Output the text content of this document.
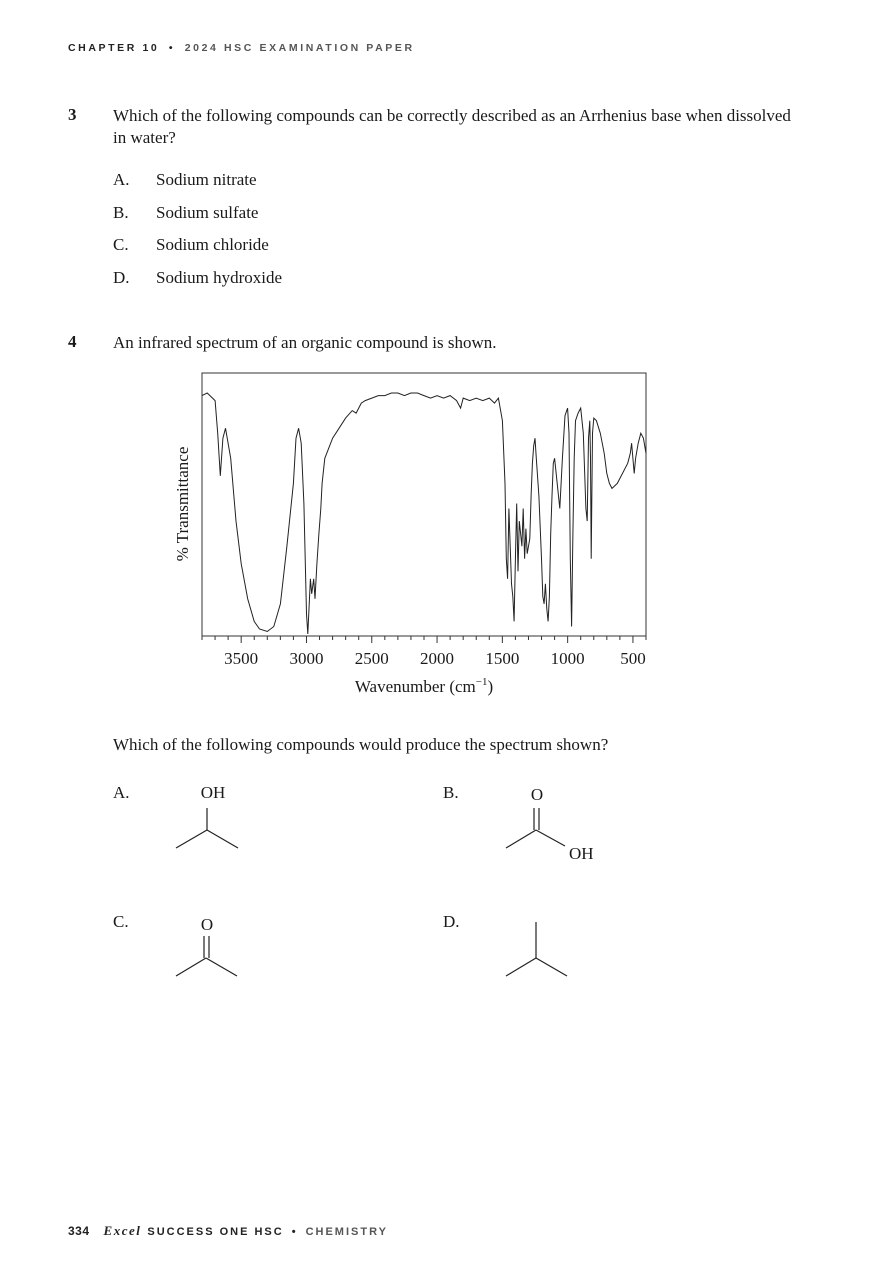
CHAPTER 10 • 2024 HSC EXAMINATION PAPER
3 Which of the following compounds can be correctly described as an Arrhenius base when dissolved in water?
A. Sodium nitrate
B. Sodium sulfate
C. Sodium chloride
D. Sodium hydroxide
4 An infrared spectrum of an organic compound is shown.
3500 3000 2500 2000 1500 1000 500
Wavenumber $(cm^{-1})$
% Transmittance
Which of the following compounds would produce the spectrum shown?
A.	OH	B.	O
OH
C.	O	D.
334 Excel SUCCESS ONE HSC • CHEMISTRY
